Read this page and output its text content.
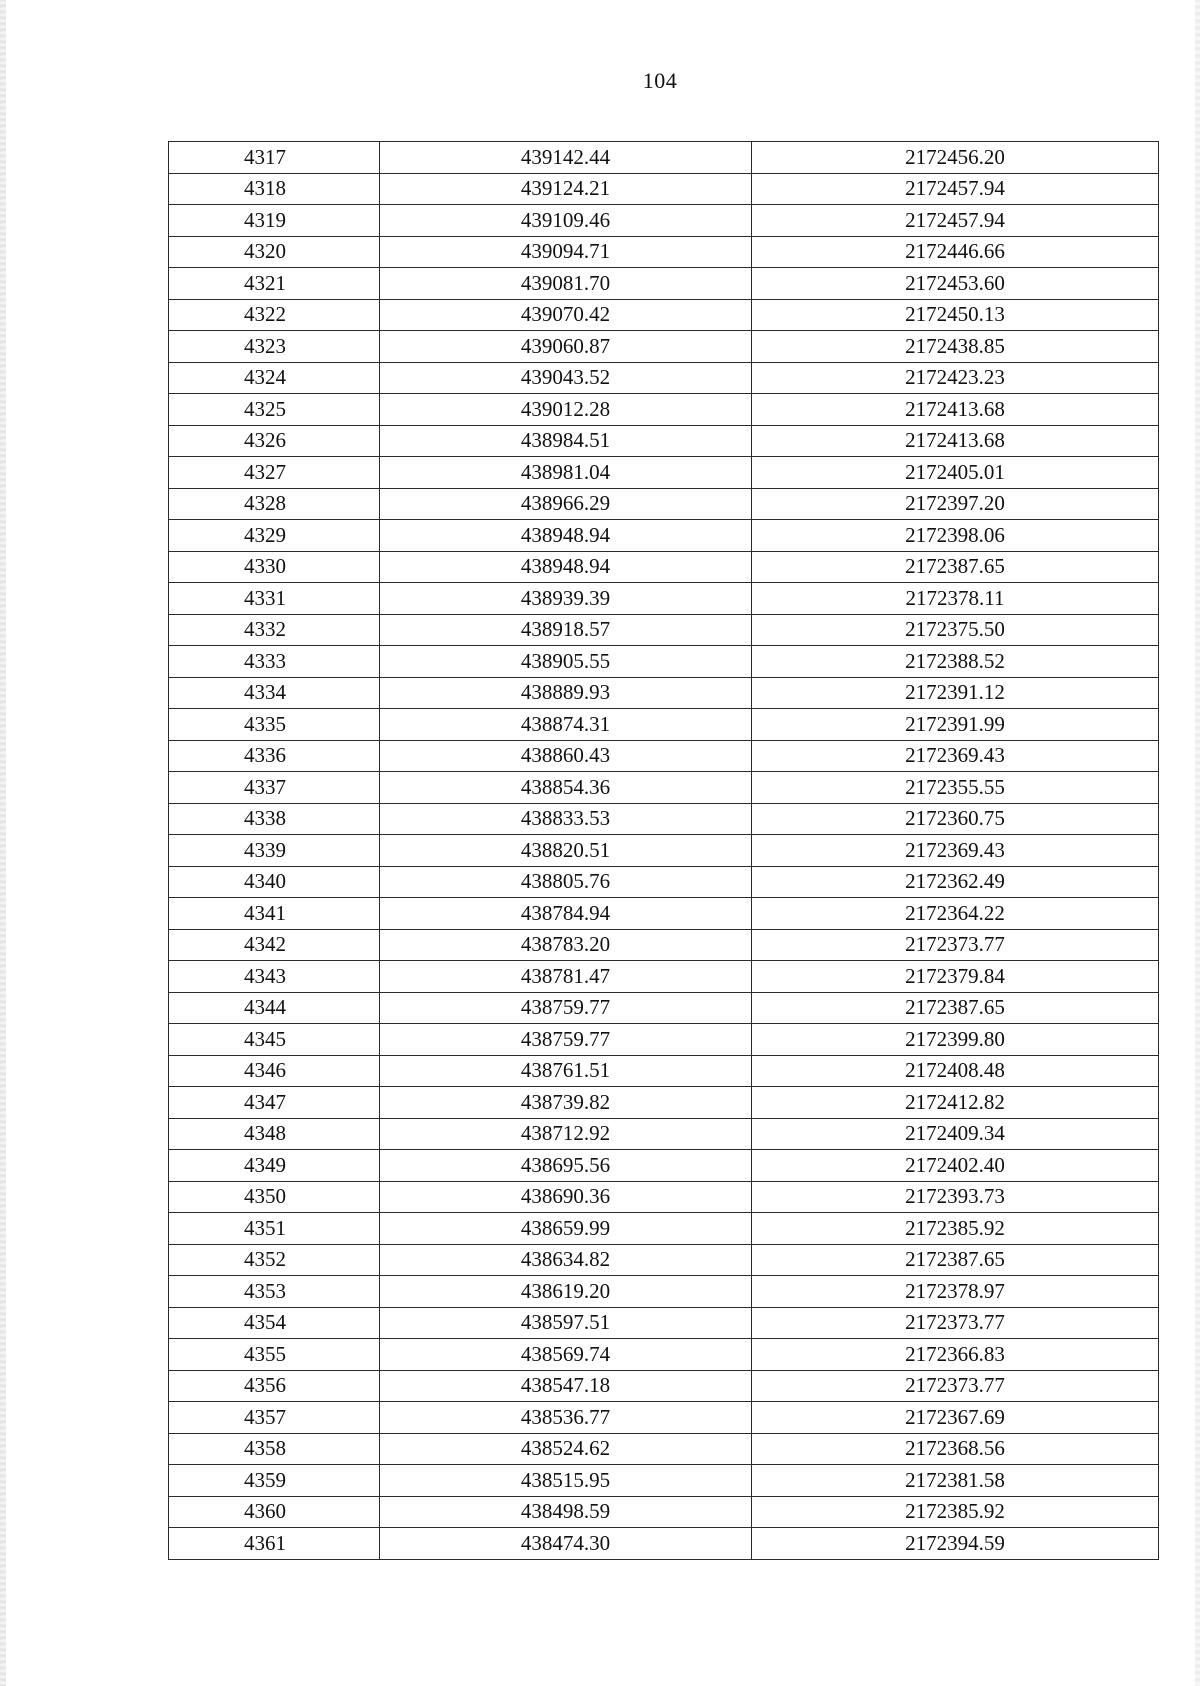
104
4317	439142.44	2172456.20
4318	439124.21	2172457.94
4319	439109.46	2172457.94
4320	439094.71	2172446.66
4321	439081.70	2172453.60
4322	439070.42	2172450.13
4323	439060.87	2172438.85
4324	439043.52	2172423.23
4325	439012.28	2172413.68
4326	438984.51	2172413.68
4327	438981.04	2172405.01
4328	438966.29	2172397.20
4329	438948.94	2172398.06
4330	438948.94	2172387.65
4331	438939.39	2172378.11
4332	438918.57	2172375.50
4333	438905.55	2172388.52
4334	438889.93	2172391.12
4335	438874.31	2172391.99
4336	438860.43	2172369.43
4337	438854.36	2172355.55
4338	438833.53	2172360.75
4339	438820.51	2172369.43
4340	438805.76	2172362.49
4341	438784.94	2172364.22
4342	438783.20	2172373.77
4343	438781.47	2172379.84
4344	438759.77	2172387.65
4345	438759.77	2172399.80
4346	438761.51	2172408.48
4347	438739.82	2172412.82
4348	438712.92	2172409.34
4349	438695.56	2172402.40
4350	438690.36	2172393.73
4351	438659.99	2172385.92
4352	438634.82	2172387.65
4353	438619.20	2172378.97
4354	438597.51	2172373.77
4355	438569.74	2172366.83
4356	438547.18	2172373.77
4357	438536.77	2172367.69
4358	438524.62	2172368.56
4359	438515.95	2172381.58
4360	438498.59	2172385.92
4361	438474.30	2172394.59
